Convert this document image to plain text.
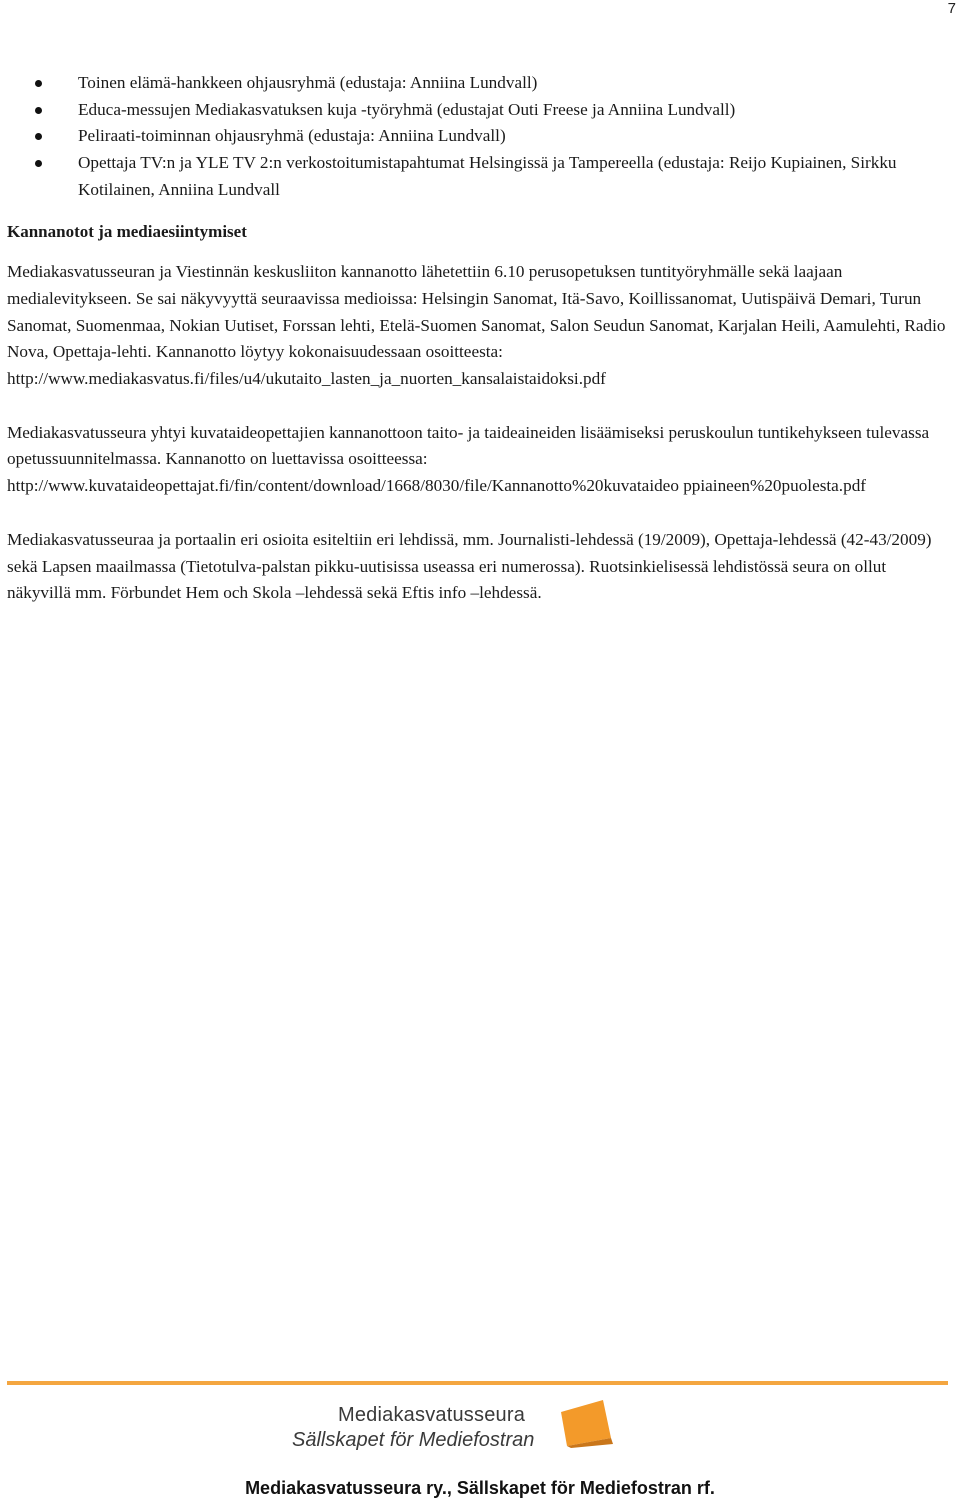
7
Toinen elämä-hankkeen ohjausryhmä (edustaja: Anniina Lundvall)
Educa-messujen Mediakasvatuksen kuja -työryhmä (edustajat Outi Freese ja Anniina Lundvall)
Peliraati-toiminnan ohjausryhmä (edustaja: Anniina Lundvall)
Opettaja TV:n ja YLE TV 2:n verkostoitumistapahtumat Helsingissä ja Tampereella (edustaja: Reijo Kupiainen, Sirkku Kotilainen, Anniina Lundvall
Kannanotot ja mediaesiintymiset

Mediakasvatusseuran ja Viestinnän keskusliiton kannanotto lähetettiin 6.10 perusopetuksen tuntityöryhmälle sekä laajaan medialevitykseen. Se sai näkyvyyttä seuraavissa medioissa: Helsingin Sanomat, Itä-Savo, Koillissanomat, Uutispäivä Demari, Turun Sanomat, Suomenmaa, Nokian Uutiset, Forssan lehti, Etelä-Suomen Sanomat, Salon Seudun Sanomat, Karjalan Heili, Aamulehti, Radio Nova, Opettaja-lehti. Kannanotto löytyy kokonaisuudessaan osoitteesta: http://www.mediakasvatus.fi/files/u4/ukutaito_lasten_ja_nuorten_kansalaistaidoksi.pdf

Mediakasvatusseura yhtyi kuvataideopettajien kannanottoon taito- ja taideaineiden lisäämiseksi peruskoulun tuntikehykseen tulevassa opetussuunnitelmassa. Kannanotto on luettavissa osoitteessa: http://www.kuvataideopettajat.fi/fin/content/download/1668/8030/file/Kannanotto%20kuvataideo ppiaineen%20puolesta.pdf

Mediakasvatusseuraa ja portaalin eri osioita esiteltiin eri lehdissä, mm. Journalisti-lehdessä (19/2009), Opettaja-lehdessä (42-43/2009) sekä Lapsen maailmassa (Tietotulva-palstan pikku-uutisissa useassa eri numerossa). Ruotsinkielisessä lehdistössä seura on ollut näkyvillä mm. Förbundet Hem och Skola –lehdessä sekä Eftis info –lehdessä.

Mediakasvatusseura
Sällskapet för Mediefostran
Mediakasvatusseura ry., Sällskapet för Mediefostran rf.
